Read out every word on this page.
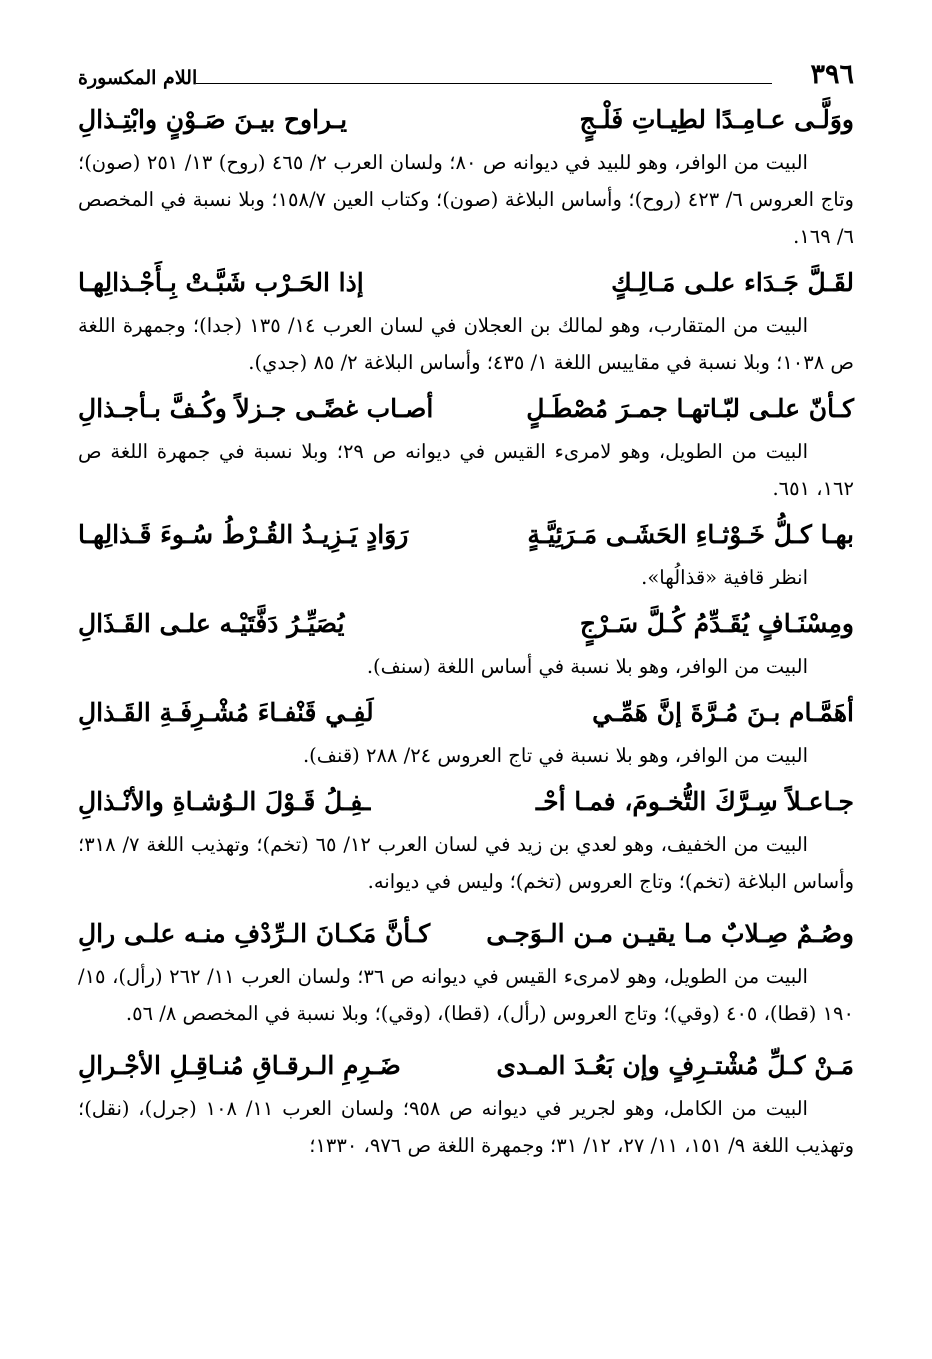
٣٩٦
اللام المكسورة
ووَلَّـى عـامِـدًا لطِيـاتِ فَلْـجٍ
يـراوح بيـنَ صَـوْنٍ وابْتِـذالِ

البيت من الوافر، وهو للبيد في ديوانه ص ٨٠؛ ولسان العرب ٢/ ٤٦٥ (روح) ١٣/ ٢٥١ (صون)؛ وتاج العروس ٦/ ٤٢٣ (روح)؛ وأساس البلاغة (صون)؛ وكتاب العين ١٥٨/٧؛ وبلا نسبة في المخصص ٦/ ١٦٩.

لقَـلَّ جَـدَاء علـى مَـالِـكٍ
إذا الحَـرْب شَبَّـتْ بِـأَجْـذالِهـا

البيت من المتقارب، وهو لمالك بن العجلان في لسان العرب ١٤/ ١٣٥ (جدا)؛ وجمهرة اللغة ص ١٠٣٨؛ وبلا نسبة في مقاييس اللغة ١/ ٤٣٥؛ وأساس البلاغة ٢/ ٨٥ (جدي).

كـأنّ علـى لبّـاتهـا جمـرَ مُصْطَـلٍ
أصـاب غضًـى جـزلاً وكُـفَّ بـأجـذالِ

البيت من الطويل، وهو لامرىء القيس في ديوانه ص ٢٩؛ وبلا نسبة في جمهرة اللغة ص ١٦٢، ٦٥١.

بهـا كـلُّ خَـوْثـاءِ الحَشَـى مَـرَئِيَّـةٍ
رَوَادٍ يَـزِيـدُ القُـرْطُ سُـوءَ قَـذالِهـا

انظر قافية «قذالُها».

ومِسْنَـافٍ يُقَـدِّمُ كُـلَّ سَـرْجٍ
يُصَيِّـرُ دَفَّتَيْـه علـى القَـذَالِ

البيت من الوافر، وهو بلا نسبة في أساس اللغة (سنف).

أهَمَّـام بـنَ مُـرَّةَ إنَّ هَمِّـي
لَفِـي قَنْفـاءَ مُشْـرِفَـةِ القَـذالِ

البيت من الوافر، وهو بلا نسبة في تاج العروس ٢٤/ ٢٨٨ (قنف).

جـاعـلاً سِـرَّكَ التُّخـومَ، فمـا أحْـ
ـفِـلُ قَـوْلَ الـوُشـاةِ والأنْـذالِ

البيت من الخفيف، وهو لعدي بن زيد في لسان العرب ١٢/ ٦٥ (تخم)؛ وتهذيب اللغة ٧/ ٣١٨؛ وأساس البلاغة (تخم)؛ وتاج العروس (تخم)؛ وليس في ديوانه.

وصُـمٌ صِـلابٌ مـا يقيـن مـن الـوَجـى
كـأنَّ مَكـانَ الـرِّدْفِ منـه علـى رالِ

البيت من الطويل، وهو لامرىء القيس في ديوانه ص ٣٦؛ ولسان العرب ١١/ ٢٦٢ (رأل)، ١٥/ ١٩٠ (قطا)، ٤٠٥ (وقي)؛ وتاج العروس (رأل)، (قطا)، (وقي)؛ وبلا نسبة في المخصص ٨/ ٥٦.

مَـنْ كـلِّ مُشْتـرِفٍ وإن بَعُـدَ المـدى
ضَـرِمِ الـرقـاقِ مُنـاقِـلِ الأجْـرالِ

البيت من الكامل، وهو لجرير في ديوانه ص ٩٥٨؛ ولسان العرب ١١/ ١٠٨ (جرل)، (نقل)؛ وتهذيب اللغة ٩/ ١٥١، ١١/ ٢٧، ١٢/ ٣١؛ وجمهرة اللغة ص ٩٧٦، ١٣٣٠؛
